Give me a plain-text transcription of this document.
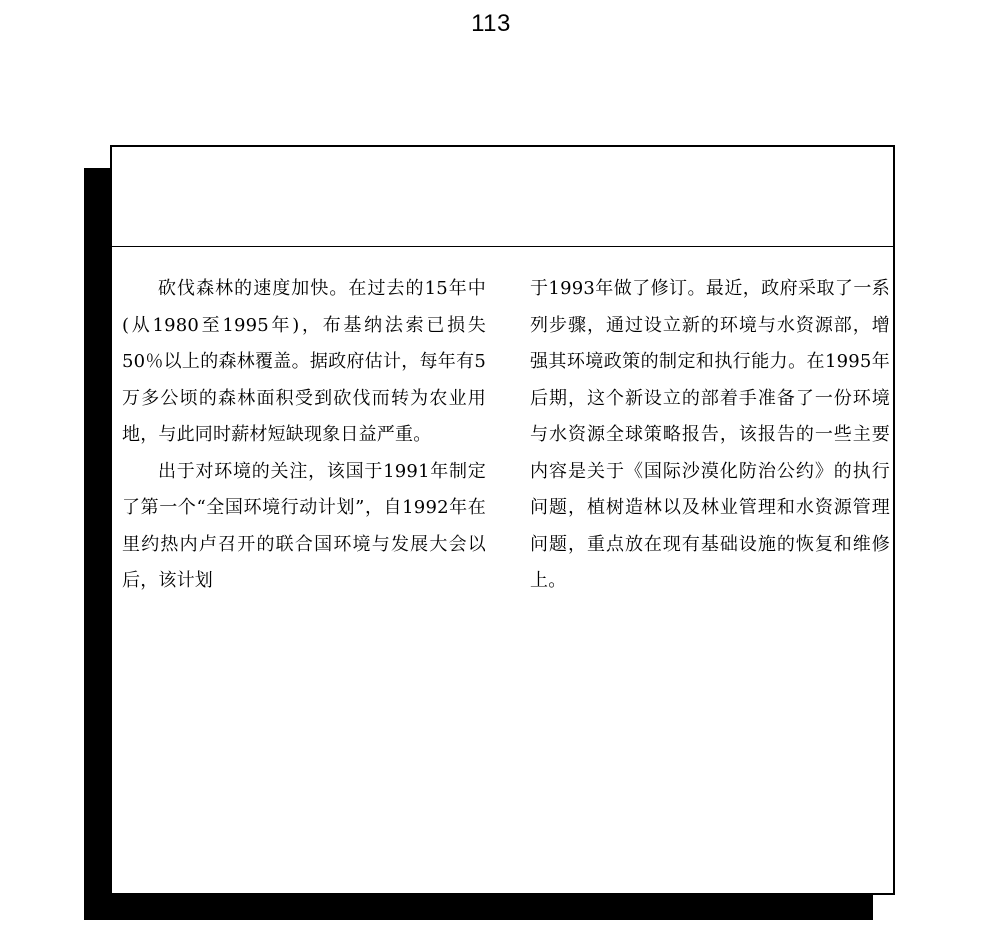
113

砍伐森林的速度加快。在过去的15年中(从1980至1995年)，布基纳法索已损失50％以上的森林覆盖。据政府估计，每年有5万多公顷的森林面积受到砍伐而转为农业用地，与此同时薪材短缺现象日益严重。

出于对环境的关注，该国于1991年制定了第一个“全国环境行动计划”，自1992年在里约热内卢召开的联合国环境与发展大会以后，该计划

于1993年做了修订。最近，政府采取了一系列步骤，通过设立新的环境与水资源部，增强其环境政策的制定和执行能力。在1995年后期，这个新设立的部着手准备了一份环境与水资源全球策略报告，该报告的一些主要内容是关于《国际沙漠化防治公约》的执行问题，植树造林以及林业管理和水资源管理问题，重点放在现有基础设施的恢复和维修上。
